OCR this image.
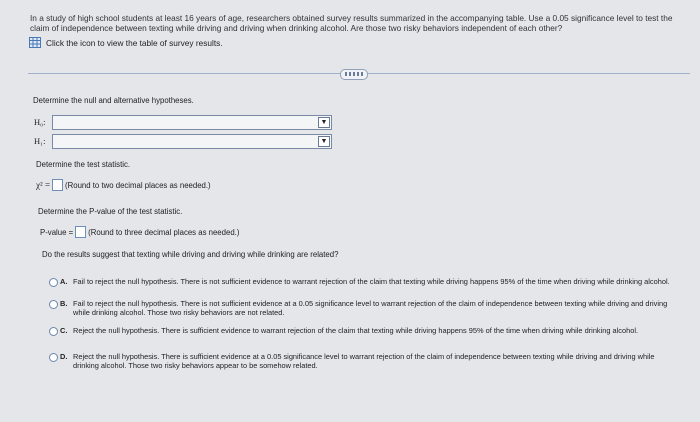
In a study of high school students at least 16 years of age, researchers obtained survey results summarized in the accompanying table. Use a 0.05 significance level to test the claim of independence between texting while driving and driving when drinking alcohol. Are those two risky behaviors independent of each other?

Click the icon to view the table of survey results.
Determine the null and alternative hypotheses.
H₀:	▼
H₁:	▼
Determine the test statistic.
χ² = (Round to two decimal places as needed.)
Determine the P-value of the test statistic.
P-value = (Round to three decimal places as needed.)
Do the results suggest that texting while driving and driving while drinking are related?
A. Fail to reject the null hypothesis. There is not sufficient evidence to warrant rejection of the claim that texting while driving happens 95% of the time when driving while drinking alcohol.
B. Fail to reject the null hypothesis. There is not sufficient evidence at a 0.05 significance level to warrant rejection of the claim of independence between texting while driving and driving while drinking alcohol. Those two risky behaviors are not related.
C. Reject the null hypothesis. There is sufficient evidence to warrant rejection of the claim that texting while driving happens 95% of the time when driving while drinking alcohol.
D. Reject the null hypothesis. There is sufficient evidence at a 0.05 significance level to warrant rejection of the claim of independence between texting while driving and driving while drinking alcohol. Those two risky behaviors appear to be somehow related.
